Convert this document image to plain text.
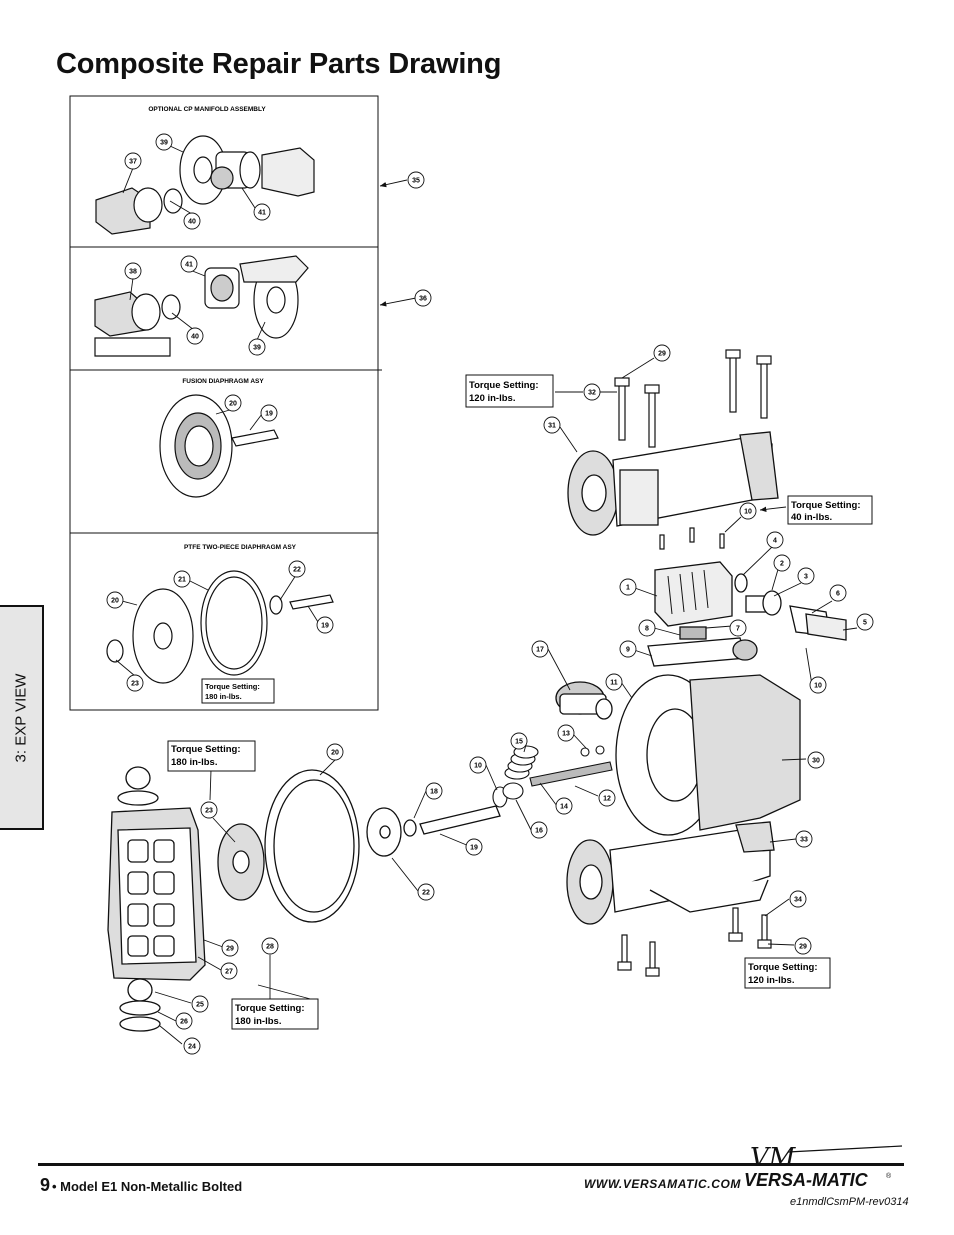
Composite Repair Parts Drawing
3: EXP VIEW
OPTIONAL CP MANIFOLD ASSEMBLY
FUSION DIAPHRAGM ASY
PTFE TWO-PIECE DIAPHRAGM ASY
Torque Setting:
120 in-lbs.
Torque Setting:
40 in-lbs.
Torque Setting:
180 in-lbs.
Torque Setting:
180 in-lbs.
Torque Setting:
180 in-lbs.
Torque Setting:
120 in-lbs.
37
39
40
41
35
38
41
40
39
36
20
19
21
22
20
19
23
29
32
31
10
4
2
3
6
5
1
8	7
9
17
10
11
13
15
10
12
14
16
30
33
34
29
20
18
19
22
23
28
29
27
25
26
24
9 • Model E1 Non-Metallic Bolted	WWW.VERSAMATIC.COM
VM
VERSA-MATIC	®
e1nmdlCsmPM-rev0314
